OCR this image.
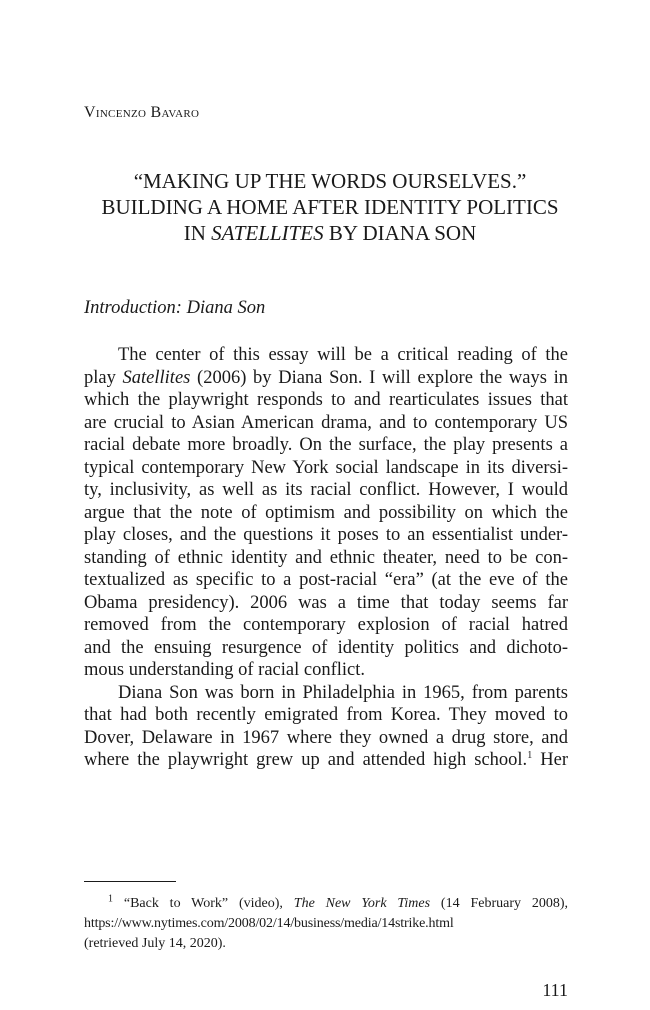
Vincenzo Bavaro
“MAKING UP THE WORDS OURSELVES.”
BUILDING A HOME AFTER IDENTITY POLITICS
IN SATELLITES BY DIANA SON
Introduction: Diana Son
The center of this essay will be a critical reading of the
play Satellites (2006) by Diana Son. I will explore the ways in
which the playwright responds to and rearticulates issues that
are crucial to Asian American drama, and to contemporary US
racial debate more broadly. On the surface, the play presents a
typical contemporary New York social landscape in its diversi-
ty, inclusivity, as well as its racial conflict. However, I would
argue that the note of optimism and possibility on which the
play closes, and the questions it poses to an essentialist under-
standing of ethnic identity and ethnic theater, need to be con-
textualized as specific to a post-racial “era” (at the eve of the
Obama presidency). 2006 was a time that today seems far
removed from the contemporary explosion of racial hatred
and the ensuing resurgence of identity politics and dichoto-
mous understanding of racial conflict.
Diana Son was born in Philadelphia in 1965, from parents
that had both recently emigrated from Korea. They moved to
Dover, Delaware in 1967 where they owned a drug store, and
where the playwright grew up and attended high school.$^1$ Her
$^1$ “Back to Work” (video), The New York Times (14 February 2008),
https://www.nytimes.com/2008/02/14/business/media/14strike.html
(retrieved July 14, 2020).
111
